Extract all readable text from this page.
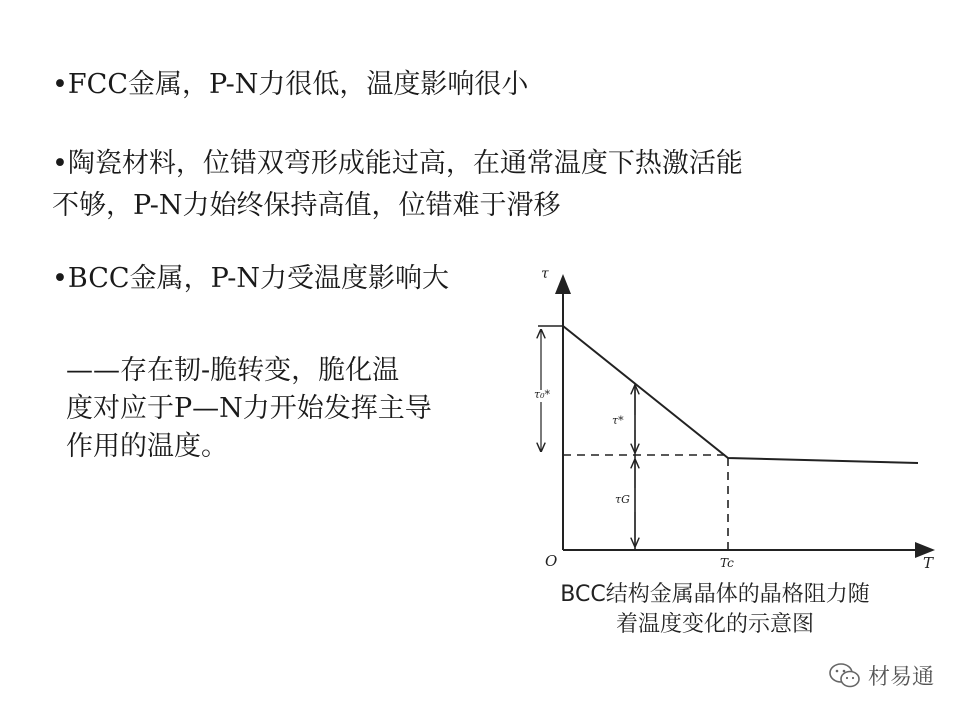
•FCC金属，P-N力很低，温度影响很小
•陶瓷材料，位错双弯形成能过高，在通常温度下热激活能
不够，P-N力始终保持高值，位错难于滑移
•BCC金属，P-N力受温度影响大
——存在韧-脆转变，脆化温
度对应于P—N力开始发挥主导
作用的温度。
τ
T
O	Tc
τ₀*
τ*
τG
BCC结构金属晶体的晶格阻力随
着温度变化的示意图
材易通
